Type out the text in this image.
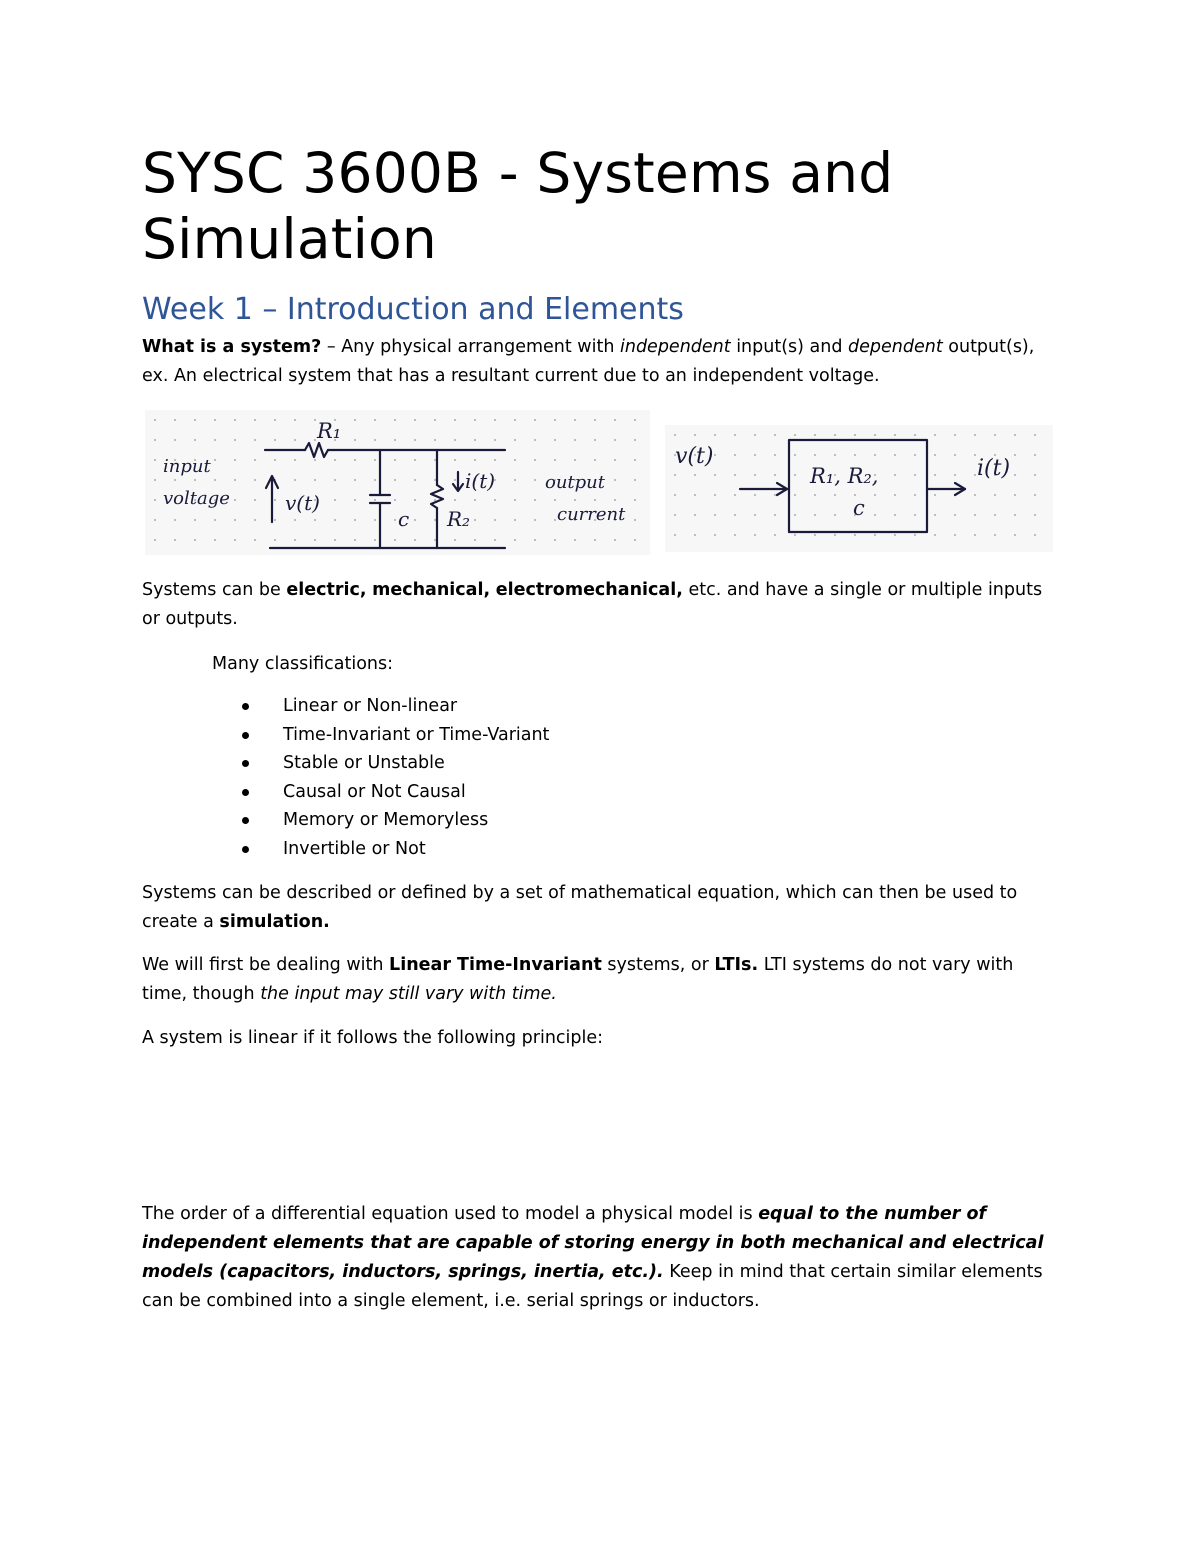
SYSC 3600B - Systems and Simulation
Week 1 – Introduction and Elements

What is a system? – Any physical arrangement with independent input(s) and dependent output(s), ex. An electrical system that has a resultant current due to an independent voltage.

R₁
input
voltage	v(t)
c R₂
i(t)	output
current
v(t)
R₁, R₂,
c
i(t)

Systems can be electric, mechanical, electromechanical, etc. and have a single or multiple inputs or outputs.

Many classifications:

Linear or Non-linear
Time-Invariant or Time-Variant
Stable or Unstable
Causal or Not Causal
Memory or Memoryless
Invertible or Not

Systems can be described or defined by a set of mathematical equation, which can then be used to create a simulation.

We will first be dealing with Linear Time-Invariant systems, or LTIs. LTI systems do not vary with time, though the input may still vary with time.

A system is linear if it follows the following principle:

The order of a differential equation used to model a physical model is equal to the number of independent elements that are capable of storing energy in both mechanical and electrical models (capacitors, inductors, springs, inertia, etc.). Keep in mind that certain similar elements can be combined into a single element, i.e. serial springs or inductors.
